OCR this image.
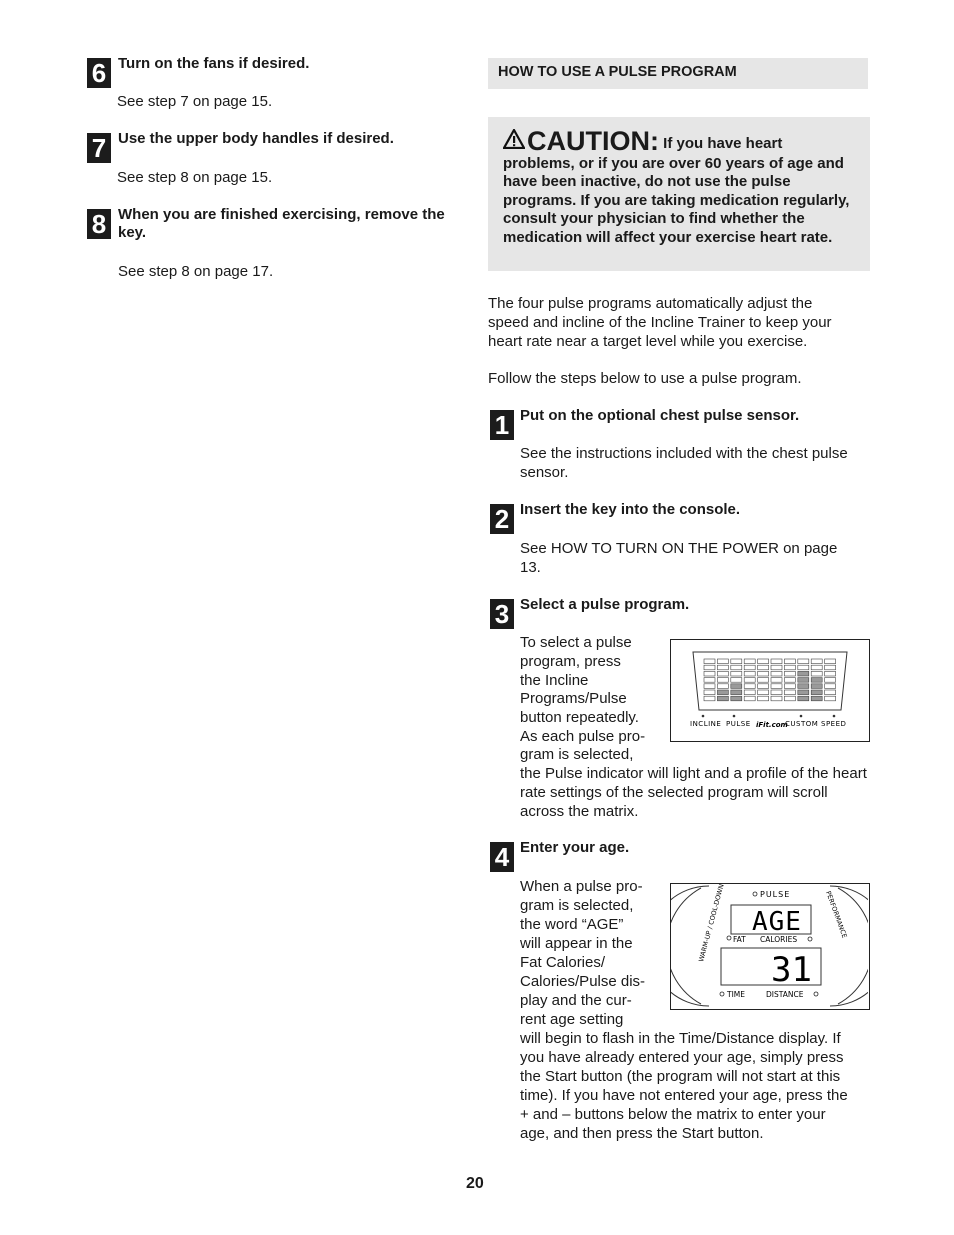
6 Turn on the fans if desired.
See step 7 on page 15.
7 Use the upper body handles if desired.
See step 8 on page 15.
8 When you are finished exercising, remove the
key.
See step 8 on page 17.
HOW TO USE A PULSE PROGRAM
CAUTION: If you have heart problems, or if you are over 60 years of age and have been inactive, do not use the pulse programs. If you are taking medication regularly, consult your physician to find whether the medication will affect your exercise heart rate.
The four pulse programs automatically adjust the
speed and incline of the Incline Trainer to keep your
heart rate near a target level while you exercise.
Follow the steps below to use a pulse program.
1 Put on the optional chest pulse sensor.
See the instructions included with the chest pulse
sensor.
2 Insert the key into the console.
See HOW TO TURN ON THE POWER on page
13.
3 Select a pulse program.
To select a pulse
program, press
the Incline
Programs/Pulse
button repeatedly.
As each pulse pro-
gram is selected,
the Pulse indicator will light and a profile of the heart
rate settings of the selected program will scroll
across the matrix.
INCLINE PULSE iFit.com
CUSTOM SPEED
4 Enter your age.
When a pulse pro-
gram is selected,
the word “AGE”
will appear in the
Fat Calories/
Calories/Pulse dis-
play and the cur-
rent age setting
will begin to flash in the Time/Distance display. If
you have already entered your age, simply press
the Start button (the program will not start at this
time). If you have not entered your age, press the
+ and – buttons below the matrix to enter your
age, and then press the Start button.
WARM-UP / COOL-DOWN	PERFORMANCE
PULSE
AGE
FAT CALORIES
31
TIME	DISTANCE
20
